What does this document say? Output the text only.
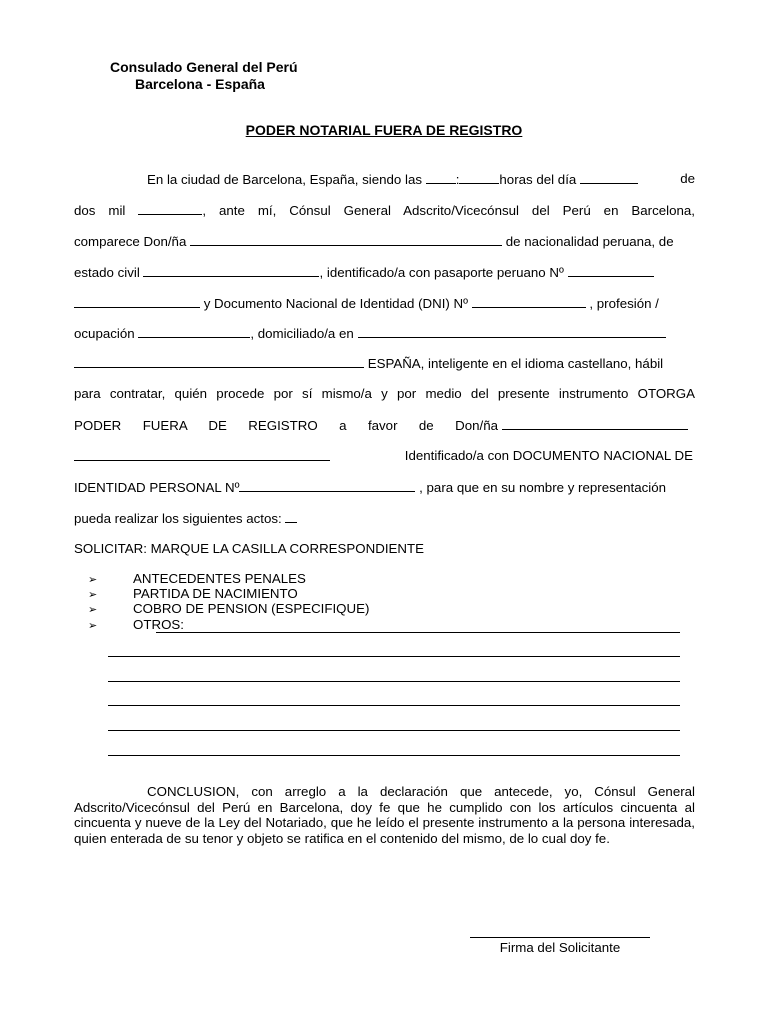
Consulado General del Perú
Barcelona - España
PODER NOTARIAL FUERA DE REGISTRO
En la ciudad de Barcelona, España, siendo las	:	horas del día	de
dos mil	, ante mí, Cónsul General Adscrito/Vicecónsul del Perú en Barcelona,
comparece Don/ña	de nacionalidad peruana, de
estado civil	, identificado/a con pasaporte peruano Nº
y Documento Nacional de Identidad (DNI) Nº	, profesión /
ocupación	, domiciliado/a en
ESPAÑA, inteligente en el idioma castellano, hábil
para contratar, quién procede por sí mismo/a y por medio del presente instrumento OTORGA
PODER FUERA DE REGISTRO a favor de Don/ña
Identificado/a con DOCUMENTO NACIONAL DE
IDENTIDAD PERSONAL Nº	, para que en su nombre y representación
pueda realizar los siguientes actos:
SOLICITAR: MARQUE LA CASILLA CORRESPONDIENTE
➢	ANTECEDENTES PENALES
➢	PARTIDA DE NACIMIENTO
➢	COBRO DE PENSION (ESPECIFIQUE)
➢	OTROS:

CONCLUSION, con arreglo a la declaración que antecede, yo, Cónsul General Adscrito/Vicecónsul del Perú en Barcelona, doy fe que he cumplido con los artículos cincuenta al cincuenta y nueve de la Ley del Notariado, que he leído el presente instrumento a la persona interesada, quien enterada de su tenor y objeto se ratifica en el contenido del mismo, de lo cual doy fe.

Firma del Solicitante
